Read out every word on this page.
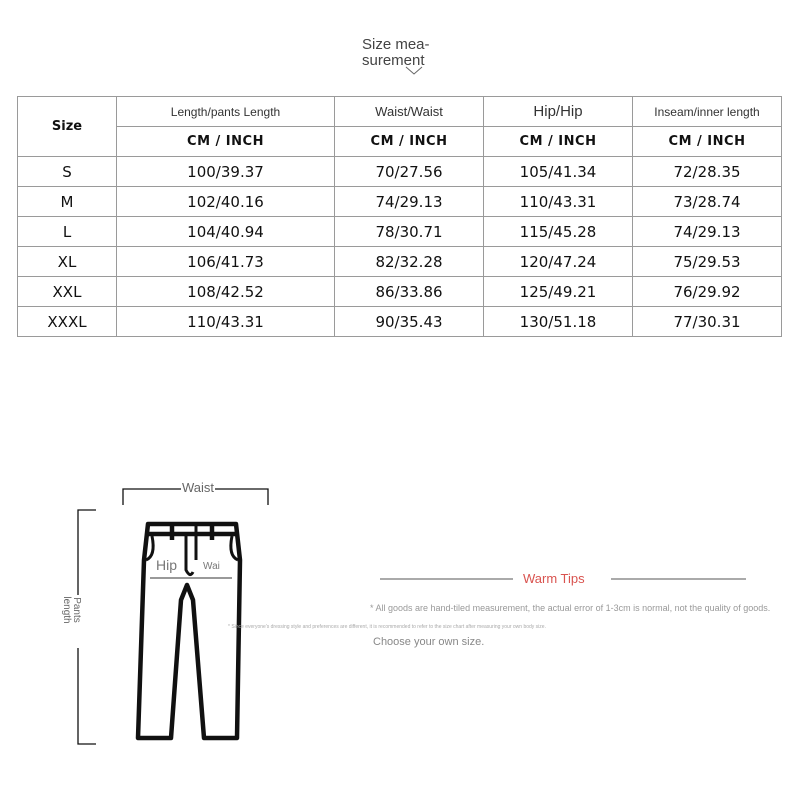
Size mea-
surement
Size	Length/pants Length	Waist/Waist	Hip/Hip	Inseam/inner length
	CM / INCH	CM / INCH	CM / INCH	CM / INCH
S	100/39.37	70/27.56	105/41.34	72/28.35
M	102/40.16	74/29.13	110/43.31	73/28.74
L	104/40.94	78/30.71	115/45.28	74/29.13
XL	106/41.73	82/32.28	120/47.24	75/29.53
XXL	108/42.52	86/33.86	125/49.21	76/29.92
XXXL	110/43.31	90/35.43	130/51.18	77/30.31
Waist
Hip	Wai
Pants
length
Warm Tips
* All goods are hand-tiled measurement, the actual error of 1-3cm is normal, not the quality of goods.
* Since everyone's dressing style and preferences are different, it is recommended to refer to the size chart after measuring your own body size.
Choose your own size.
